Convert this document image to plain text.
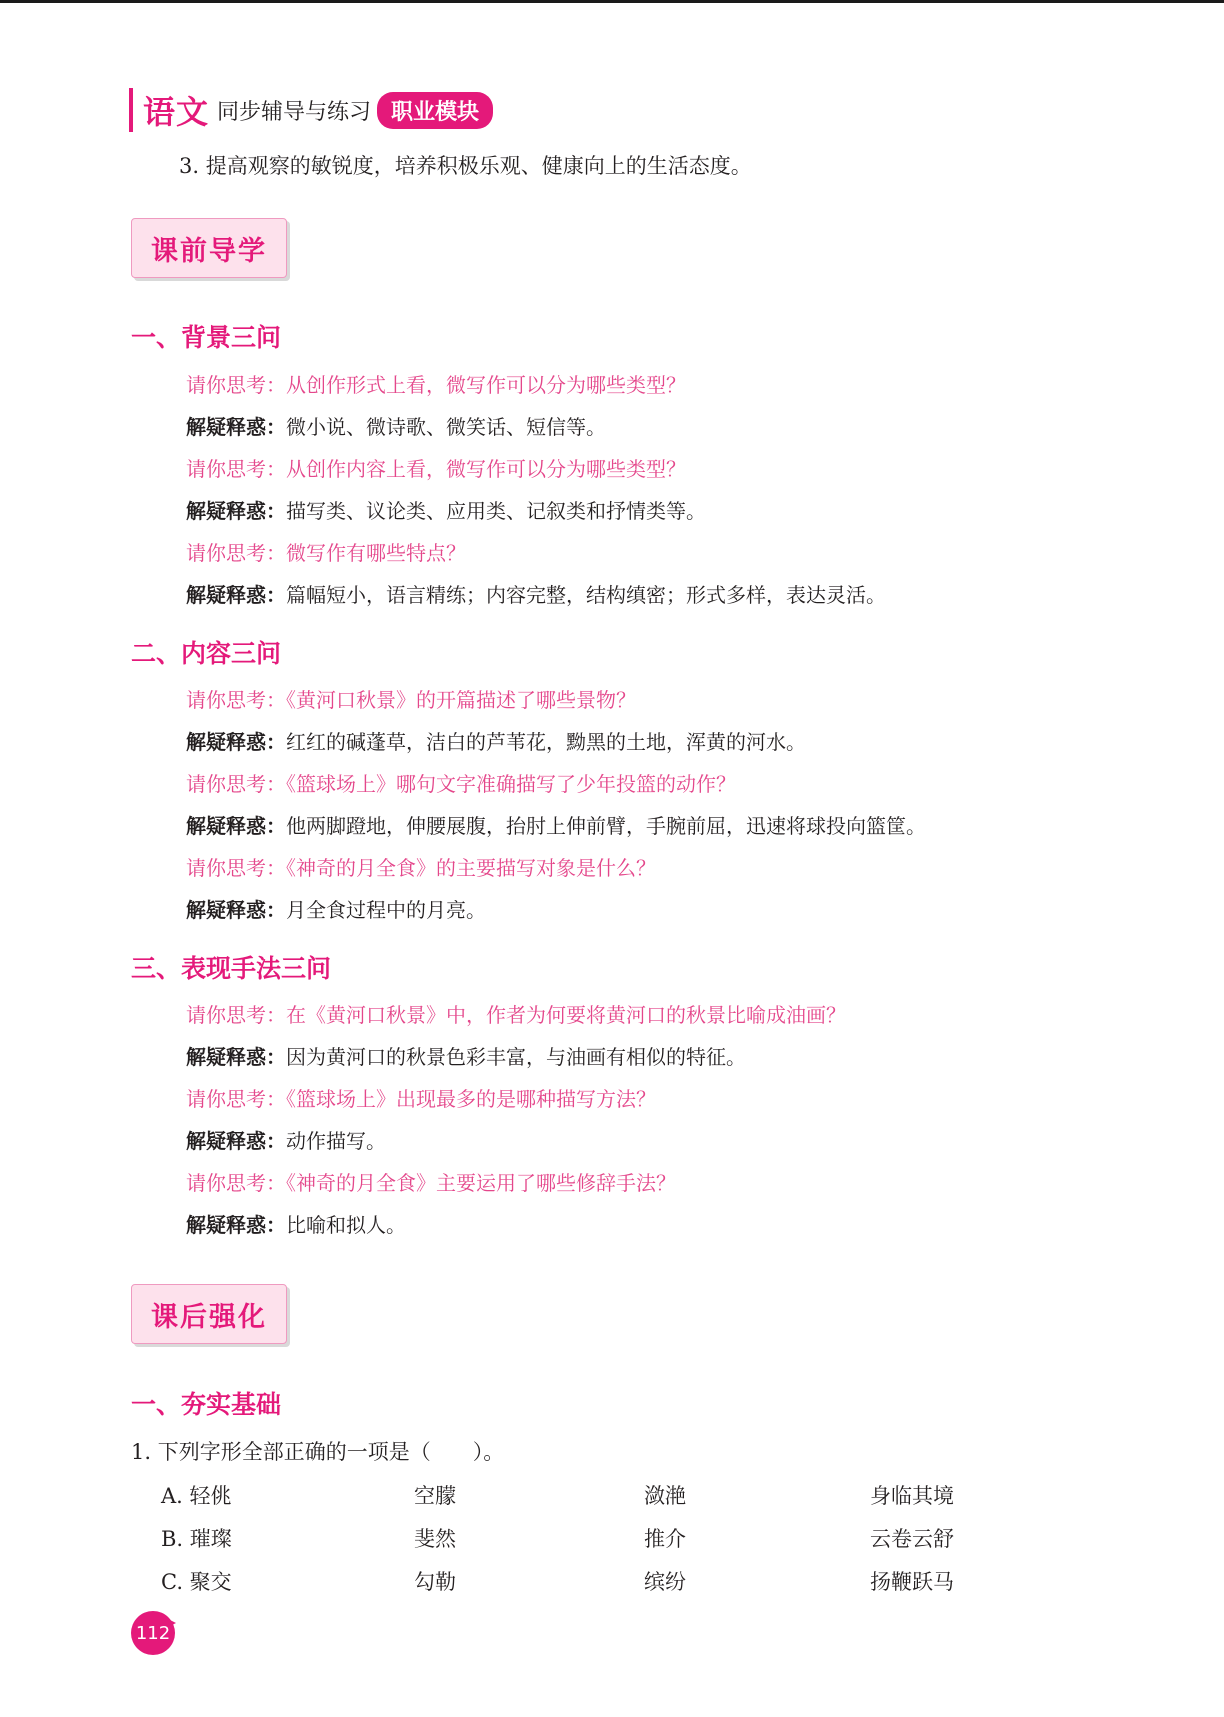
语文 同步辅导与练习 职业模块
3. 提高观察的敏锐度，培养积极乐观、健康向上的生活态度。
课前导学
一、背景三问
请你思考：从创作形式上看，微写作可以分为哪些类型？
解疑释惑：微小说、微诗歌、微笑话、短信等。
请你思考：从创作内容上看，微写作可以分为哪些类型？
解疑释惑：描写类、议论类、应用类、记叙类和抒情类等。
请你思考：微写作有哪些特点？
解疑释惑：篇幅短小，语言精练；内容完整，结构缜密；形式多样，表达灵活。
二、内容三问
请你思考：《黄河口秋景》的开篇描述了哪些景物？
解疑释惑：红红的碱蓬草，洁白的芦苇花，黝黑的土地，浑黄的河水。
请你思考：《篮球场上》哪句文字准确描写了少年投篮的动作？
解疑释惑：他两脚蹬地，伸腰展腹，抬肘上伸前臂，手腕前屈，迅速将球投向篮筐。
请你思考：《神奇的月全食》的主要描写对象是什么？
解疑释惑：月全食过程中的月亮。
三、表现手法三问
请你思考：在《黄河口秋景》中，作者为何要将黄河口的秋景比喻成油画？
解疑释惑：因为黄河口的秋景色彩丰富，与油画有相似的特征。
请你思考：《篮球场上》出现最多的是哪种描写方法？
解疑释惑：动作描写。
请你思考：《神奇的月全食》主要运用了哪些修辞手法？
解疑释惑：比喻和拟人。
课后强化
一、夯实基础
1. 下列字形全部正确的一项是（　　）。
A. 轻佻	空朦	潋滟	身临其境
B. 璀璨	斐然	推介	云卷云舒
C. 聚交	勾勒	缤纷	扬鞭跃马
112
